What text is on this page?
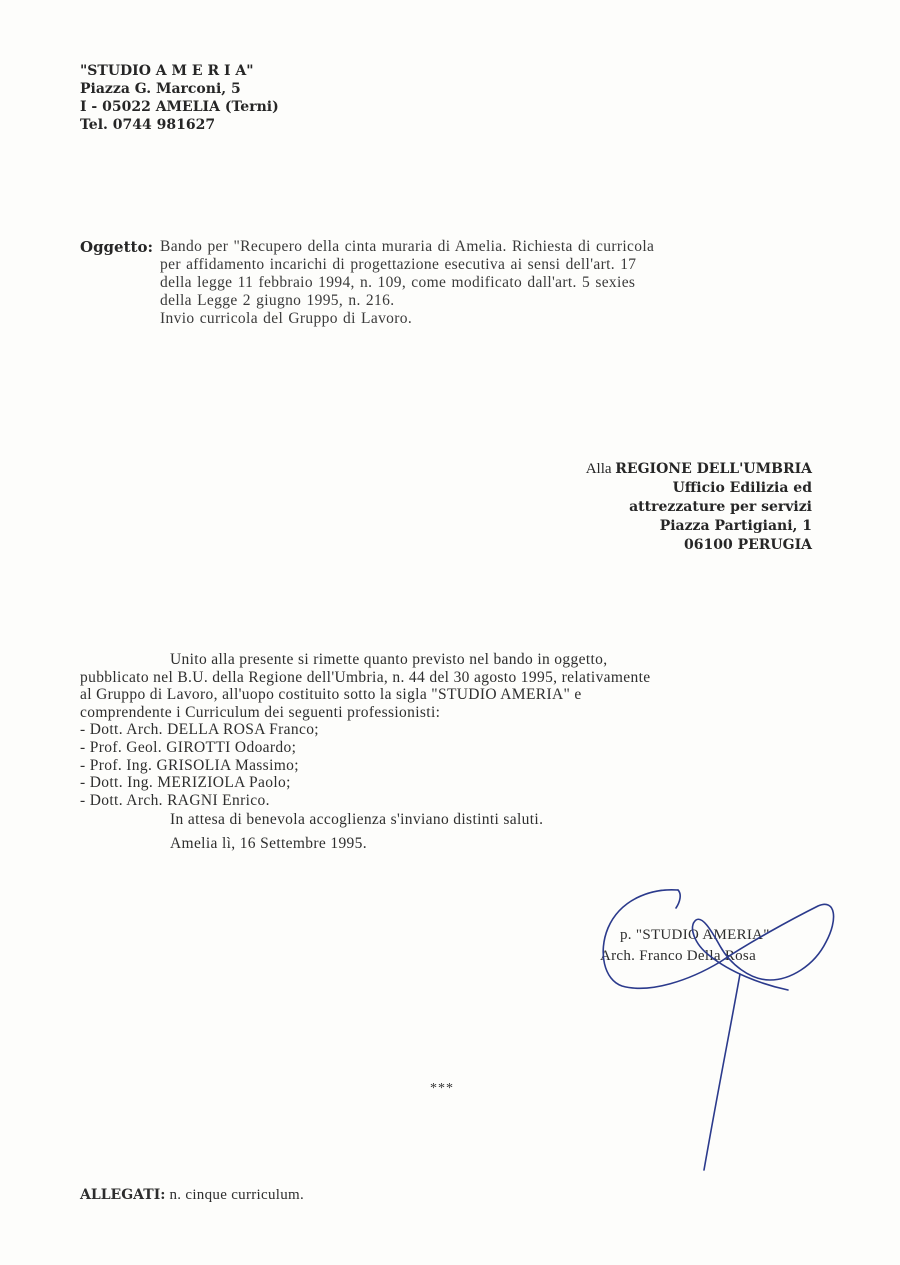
"STUDIO A M E R I A"
Piazza G. Marconi, 5
I - 05022 AMELIA (Terni)
Tel. 0744 981627
Oggetto: Bando per "Recupero della cinta muraria di Amelia. Richiesta di curricola
per affidamento incarichi di progettazione esecutiva ai sensi dell'art. 17
della legge 11 febbraio 1994, n. 109, come modificato dall'art. 5 sexies
della Legge 2 giugno 1995, n. 216.
Invio curricola del Gruppo di Lavoro.
Alla REGIONE DELL'UMBRIA
Ufficio Edilizia ed
attrezzature per servizi
Piazza Partigiani, 1
06100 PERUGIA
Unito alla presente si rimette quanto previsto nel bando in oggetto,
pubblicato nel B.U. della Regione dell'Umbria, n. 44 del 30 agosto 1995, relativamente
al Gruppo di Lavoro, all'uopo costituito sotto la sigla "STUDIO AMERIA" e
comprendente i Curriculum dei seguenti professionisti:
- Dott. Arch. DELLA ROSA Franco;
- Prof. Geol. GIROTTI Odoardo;
- Prof. Ing. GRISOLIA Massimo;
- Dott. Ing. MERIZIOLA Paolo;
- Dott. Arch. RAGNI Enrico.
In attesa di benevola accoglienza s'inviano distinti saluti.
Amelia lì, 16 Settembre 1995.
p. "STUDIO AMERIA"
Arch. Franco Della Rosa
***
ALLEGATI: n. cinque curriculum.
